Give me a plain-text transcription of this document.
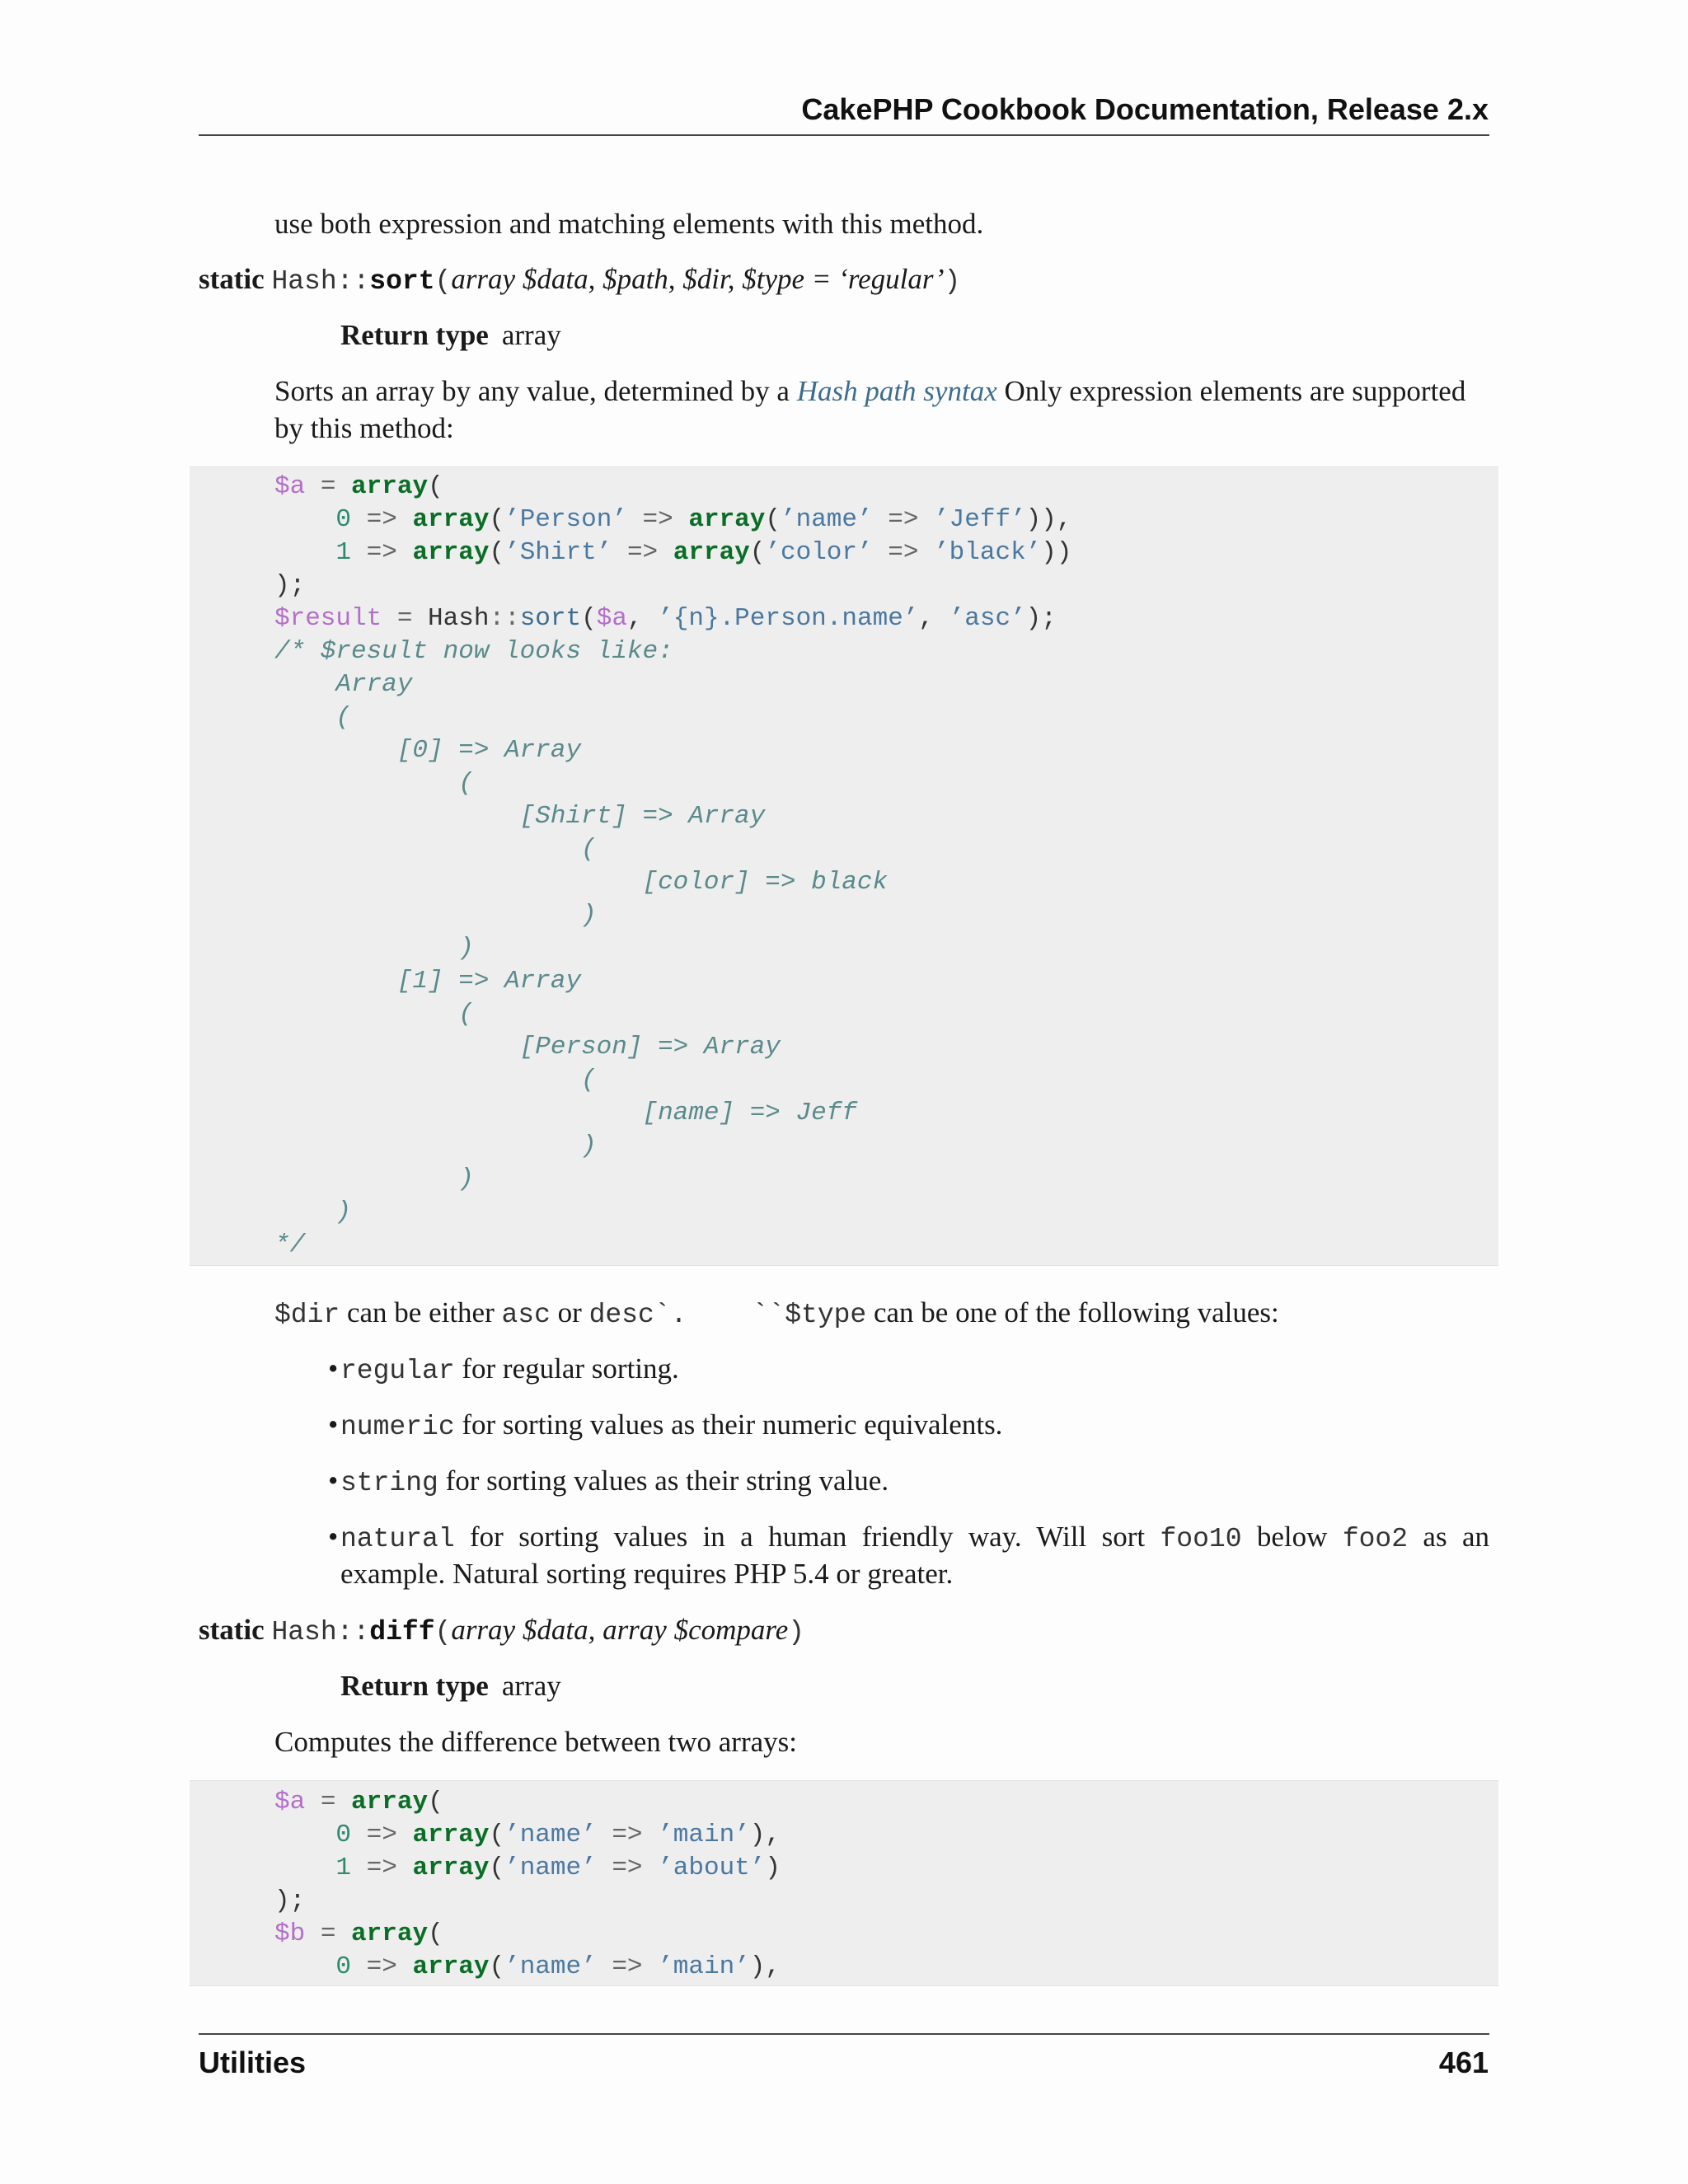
CakePHP Cookbook Documentation, Release 2.x
use both expression and matching elements with this method.
static Hash::sort(array $data, $path, $dir, $type = ‘regular’)
Return type array
Sorts an array by any value, determined by a Hash path syntax Only expression elements are supported
by this method:
$a = array(
0 => array(’Person’ => array(’name’ => ’Jeff’)),
1 => array(’Shirt’ => array(’color’ => ’black’))
);
$result = Hash::sort($a, ’{n}.Person.name’, ’asc’);
/* $result now looks like:
Array
(
[0] => Array
(
[Shirt] => Array
(
[color] => black
)
)
[1] => Array
(
[Person] => Array
(
[name] => Jeff
)
)
)
*/
$dir can be either asc or desc`.    ``$type can be one of the following values:
• regular for regular sorting.
• numeric for sorting values as their numeric equivalents.
• string for sorting values as their string value.
• natural for sorting values in a human friendly way. Will sort foo10 below foo2 as an
example. Natural sorting requires PHP 5.4 or greater.
static Hash::diff(array $data, array $compare)
Return type array
Computes the difference between two arrays:
$a = array(
0 => array(’name’ => ’main’),
1 => array(’name’ => ’about’)
);
$b = array(
0 => array(’name’ => ’main’),
Utilities	461
